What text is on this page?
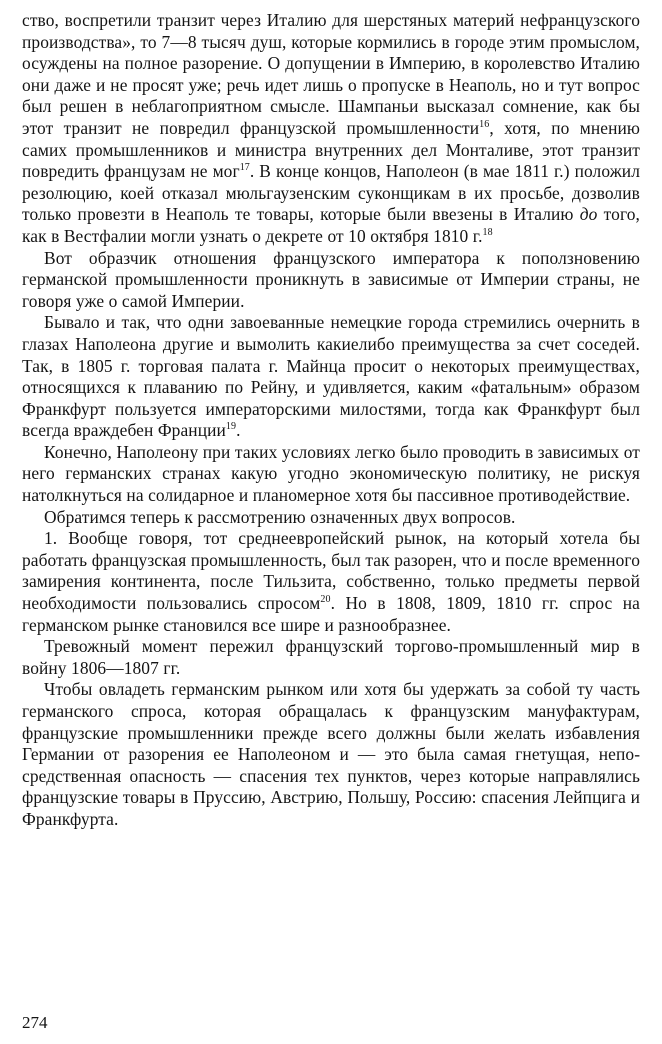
ство, воспретили транзит через Италию для шерстяных материй нефранцузского производства», то 7—8 тысяч душ, которые кормились в городе этим промыслом, осуждены на полное разорение. О допущении в Империю, в королевство Италию они даже и не просят уже; речь идет лишь о пропуске в Неаполь, но и тут вопрос был решен в неблагоприятном смысле. Шампаньи высказал сомнение, как бы этот транзит не повредил французской промышленности$^{16}$, хотя, по мнению самих промышленников и министра внутренних дел Монталиве, этот транзит повредить французам не мог$^{17}$. В конце концов, Наполеон (в мае 1811 г.) положил резолюцию, коей отказал мюльгаузенским суконщикам в их просьбе, дозволив только провезти в Неаполь те товары, которые были ввезены в Италию до того, как в Вестфалии могли узнать о декрете от 10 октября 1810 г.$^{18}$

Вот образчик отношения французского императора к поползновению германской промышленности проникнуть в зависимые от Империи страны, не говоря уже о самой Империи.

Бывало и так, что одни завоеванные немецкие города стремились очернить в глазах Наполеона другие и вымолить какиелибо преимущества за счет соседей. Так, в 1805 г. торговая палата г. Майнца просит о некоторых преимуществах, относящихся к плаванию по Рейну, и удивляется, каким «фатальным» образом Франкфурт пользуется императорскими милостями, тогда как Франкфурт был всегда враждебен Франции$^{19}$.

Конечно, Наполеону при таких условиях легко было проводить в зависимых от него германских странах какую угодно экономическую политику, не рискуя натолкнуться на солидарное и планомерное хотя бы пассивное противодействие.

Обратимся теперь к рассмотрению означенных двух вопросов.

1. Вообще говоря, тот среднеевропейский рынок, на который хотела бы работать французская промышленность, был так разорен, что и после временного замирения континента, после Тильзита, собственно, только предметы первой необходимости пользовались спросом$^{20}$. Но в 1808, 1809, 1810 гг. спрос на германском рынке становился все шире и разнообразнее.

Тревожный момент пережил французский торгово-промышленный мир в войну 1806—1807 гг.

Чтобы овладеть германским рынком или хотя бы удержать за собой ту часть германского спроса, которая обращалась к французским мануфактурам, французские промышленники прежде всего должны были желать избавления Германии от разорения ее Наполеоном и — это была самая гнетущая, непосредственная опасность — спасения тех пунктов, через которые направлялись французские товары в Пруссию, Австрию, Польшу, Россию: спасения Лейпцига и Франкфурта.

274
